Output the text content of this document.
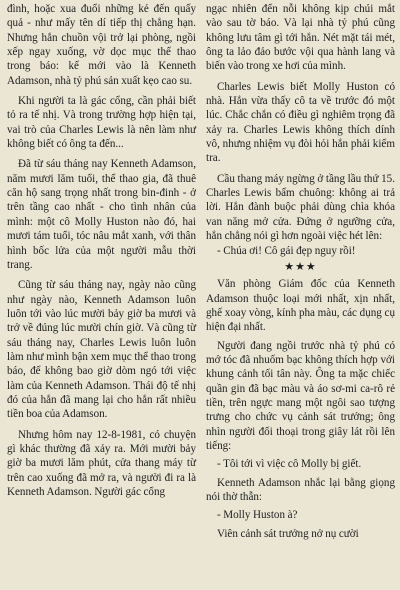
đình, hoặc xua đuổi những kẻ đến quấy quả - như mấy tên dí tiếp thị chẳng hạn. Nhưng hắn chuồn vội trở lại phòng, ngồi xếp ngay xuống, vờ dọc mục thể thao trong báo: kể mới vào là Kenneth Adamson, nhà tỷ phú sản xuất kẹo cao su.

Khi người ta là gác cổng, cần phải biết tỏ ra tế nhị. Và trong trường hợp hiện tại, vai trò của Charles Lewis là nên làm như không biết có ông ta đến...

Đã từ sáu tháng nay Kenneth Adamson, năm mươi lăm tuổi, thể thao gia, đã thuê căn hộ sang trọng nhất trong bin-đinh - ở trên tầng cao nhất - cho tình nhân của mình: một cô Molly Huston nào đó, hai mươi tám tuổi, tóc nâu mắt xanh, với thân hình bốc lửa của một người mẫu thời trang.

Cũng từ sáu tháng nay, ngày nào cũng như ngày nào, Kenneth Adamson luôn luôn tới vào lúc mười bảy giờ ba mươi và trở về đúng lúc mười chín giờ. Và cũng từ sáu tháng nay, Charles Lewis luôn luôn làm như mình bận xem mục thể thao trong báo, để không bao giờ dòm ngó tới việc làm của Kenneth Adamson. Thái độ tế nhị đó của hắn đã mang lại cho hắn rất nhiều tiền boa của Adamson.

Nhưng hôm nay 12-8-1981, có chuyện gì khác thường đã xảy ra. Mới mười bảy giờ ba mươi lăm phút, cửa thang máy từ trên cao xuống đã mở ra, và người đi ra là Kenneth Adamson. Người gác cổng

ngạc nhiên đến nỗi không kịp chúi mắt vào sau tờ báo. Và lại nhà tỷ phú cũng không lưu tâm gì tới hắn. Nét mặt tái mét, ông ta lảo đảo bước vội qua hành lang và biến vào trong xe hơi của mình.

Charles Lewis biết Molly Huston có nhà. Hắn vừa thấy cô ta về trước đó một lúc. Chắc chắn có điều gì nghiêm trọng đã xảy ra. Charles Lewis không thích dính vô, nhưng nhiệm vụ đòi hỏi hắn phải kiểm tra.

Cầu thang máy ngừng ở tầng lầu thứ 15. Charles Lewis bấm chuông: không ai trả lời. Hắn đành buộc phải dùng chìa khóa van năng mở cửa. Đứng ở ngưỡng cửa, hắn chẳng nói gì hơn ngoài việc hét lên:

- Chúa ơi! Cô gái đẹp nguy rồi!

★★★

Văn phòng Giám đốc của Kenneth Adamson thuộc loại mới nhất, xịn nhất, ghế xoay vòng, kính pha màu, các dụng cụ hiện đại nhất.

Người đang ngồi trước nhà tỷ phú có mớ tóc đã nhuốm bạc không thích hợp với khung cảnh tối tân này. Ông ta mặc chiếc quần gin đã bạc màu và áo sơ-mi ca-rô rẻ tiền, trên ngực mang một ngôi sao tượng trưng cho chức vụ cảnh sát trưởng; ông nhìn người đối thoại trong giây lát rồi lên tiếng:

- Tôi tới vì việc cô Molly bị giết.

Kenneth Adamson nhắc lại bằng giọng nói thờ thẫn:

- Molly Huston à?

Viên cảnh sát trưởng nở nụ cười
